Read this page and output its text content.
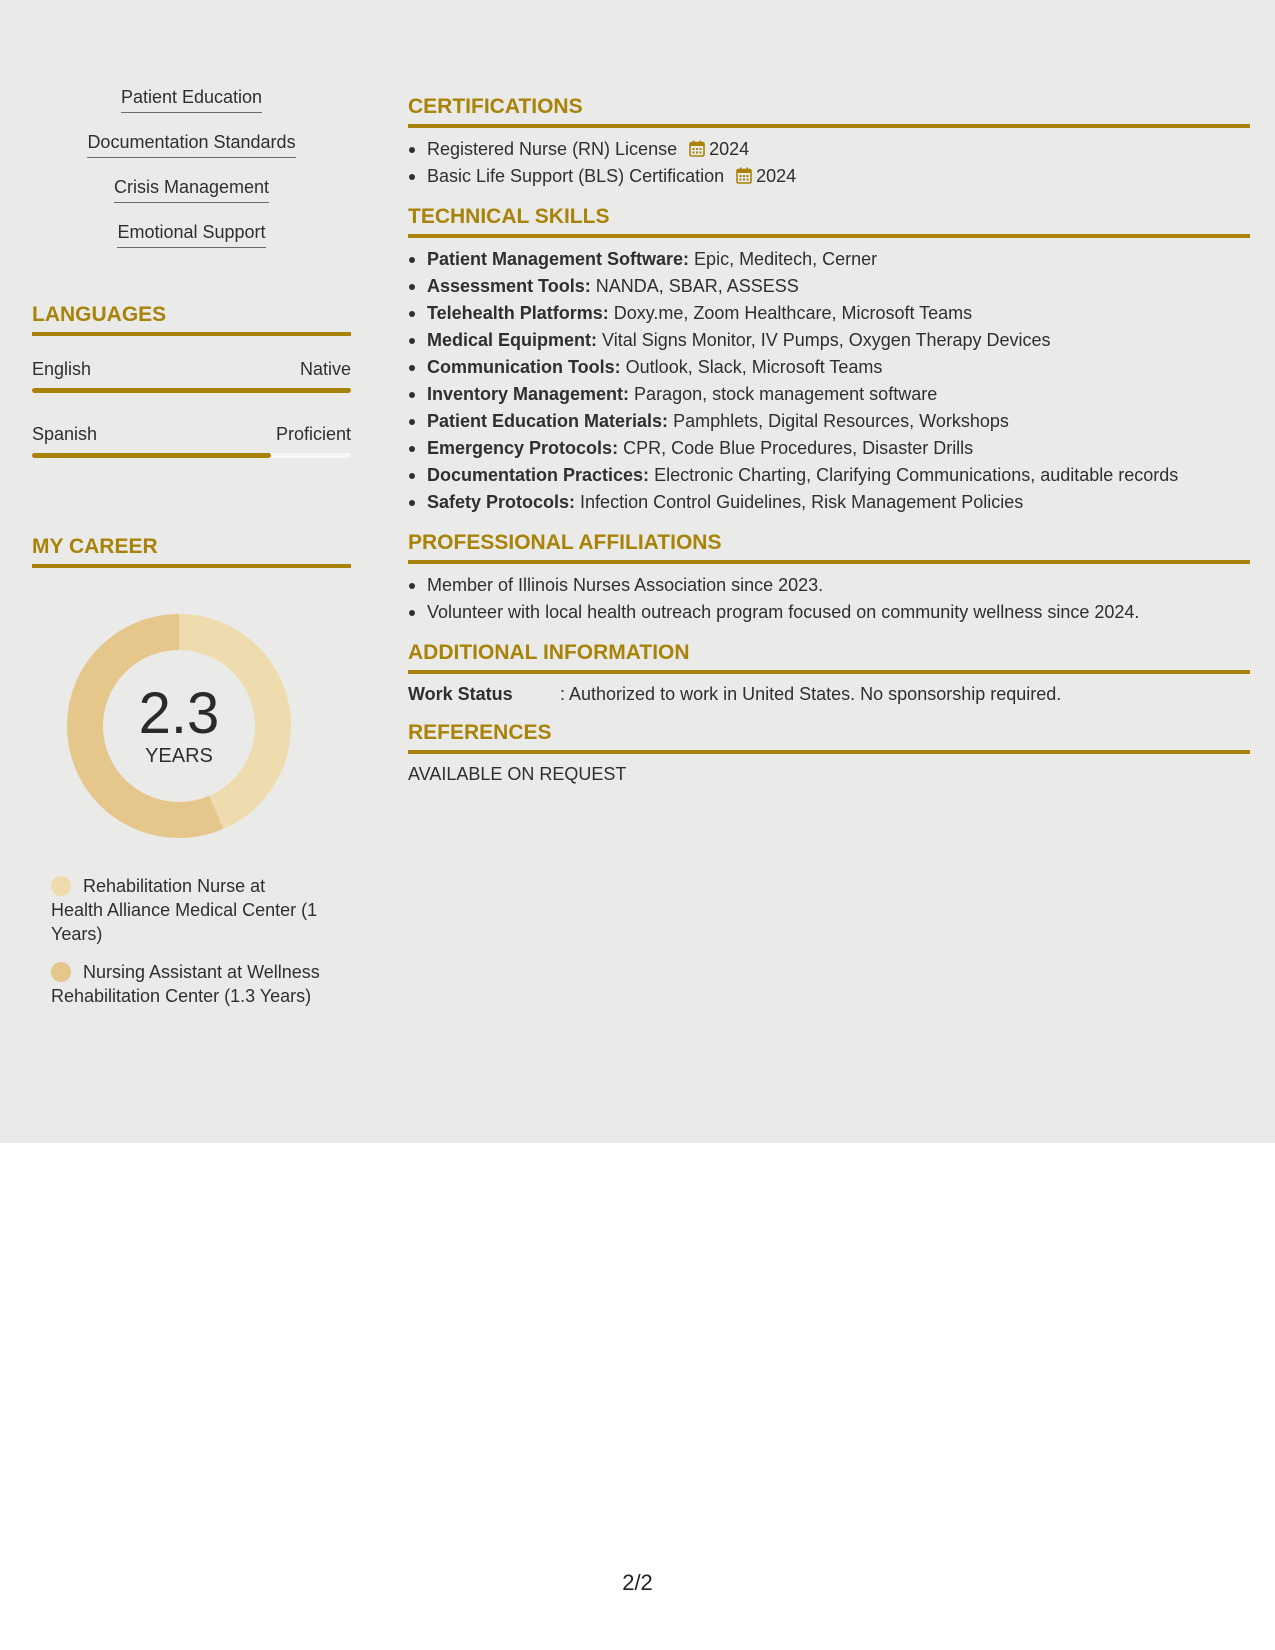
Patient Education
Documentation Standards
Crisis Management
Emotional Support
LANGUAGES
English	Native
Spanish	Proficient
MY CAREER
2.3
YEARS
Rehabilitation Nurse at Health Alliance Medical Center (1 Years)
Nursing Assistant at Wellness Rehabilitation Center (1.3 Years)
CERTIFICATIONS
Registered Nurse (RN) License 2024
Basic Life Support (BLS) Certification 2024
TECHNICAL SKILLS
Patient Management Software: Epic, Meditech, Cerner
Assessment Tools: NANDA, SBAR, ASSESS
Telehealth Platforms: Doxy.me, Zoom Healthcare, Microsoft Teams
Medical Equipment: Vital Signs Monitor, IV Pumps, Oxygen Therapy Devices
Communication Tools: Outlook, Slack, Microsoft Teams
Inventory Management: Paragon, stock management software
Patient Education Materials: Pamphlets, Digital Resources, Workshops
Emergency Protocols: CPR, Code Blue Procedures, Disaster Drills
Documentation Practices: Electronic Charting, Clarifying Communications, auditable records
Safety Protocols: Infection Control Guidelines, Risk Management Policies
PROFESSIONAL AFFILIATIONS
Member of Illinois Nurses Association since 2023.
Volunteer with local health outreach program focused on community wellness since 2024.
ADDITIONAL INFORMATION
Work Status	: Authorized to work in United States. No sponsorship required.
REFERENCES
AVAILABLE ON REQUEST
2/2
